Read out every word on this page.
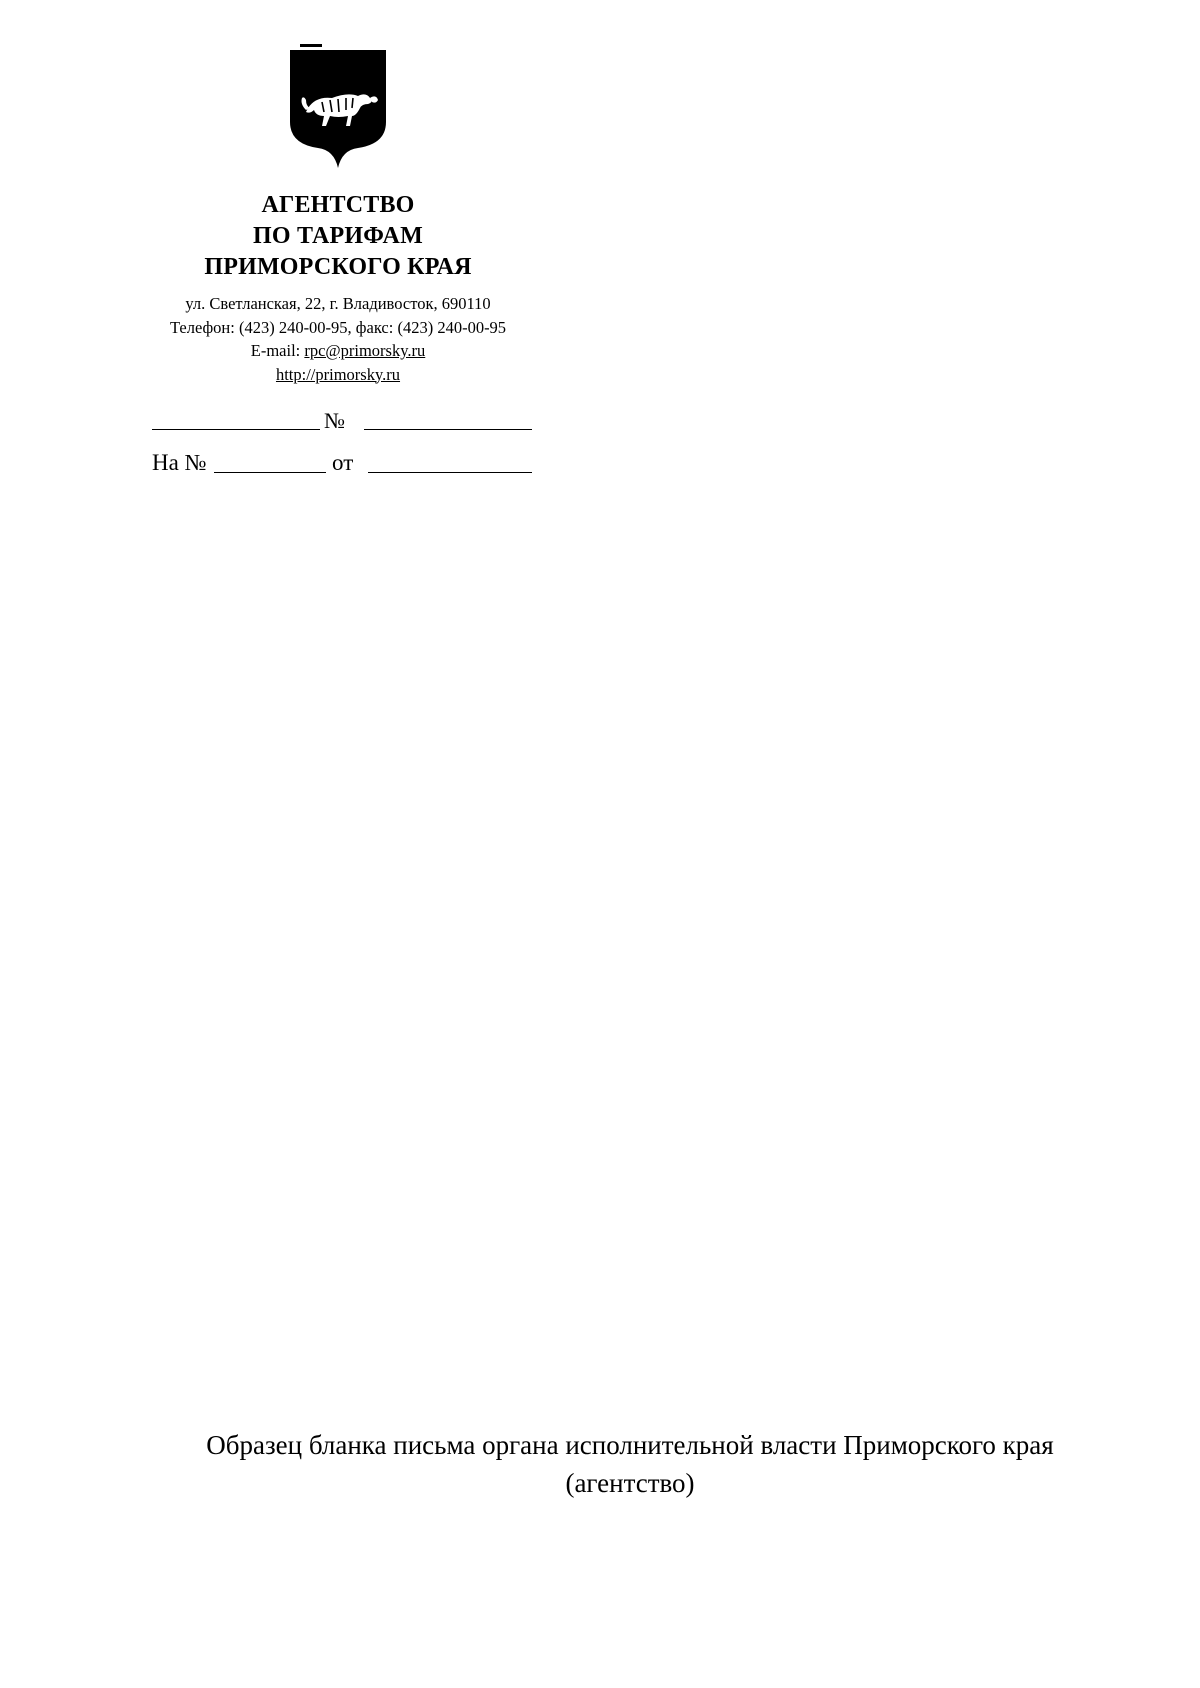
АГЕНТСТВО
ПО ТАРИФАМ
ПРИМОРСКОГО КРАЯ
ул. Светланская, 22, г. Владивосток, 690110
Телефон: (423) 240-00-95, факс: (423) 240-00-95
E-mail: rpc@primorsky.ru
http://primorsky.ru
№
На №	от
Образец бланка письма органа исполнительной власти Приморского края
(агентство)
